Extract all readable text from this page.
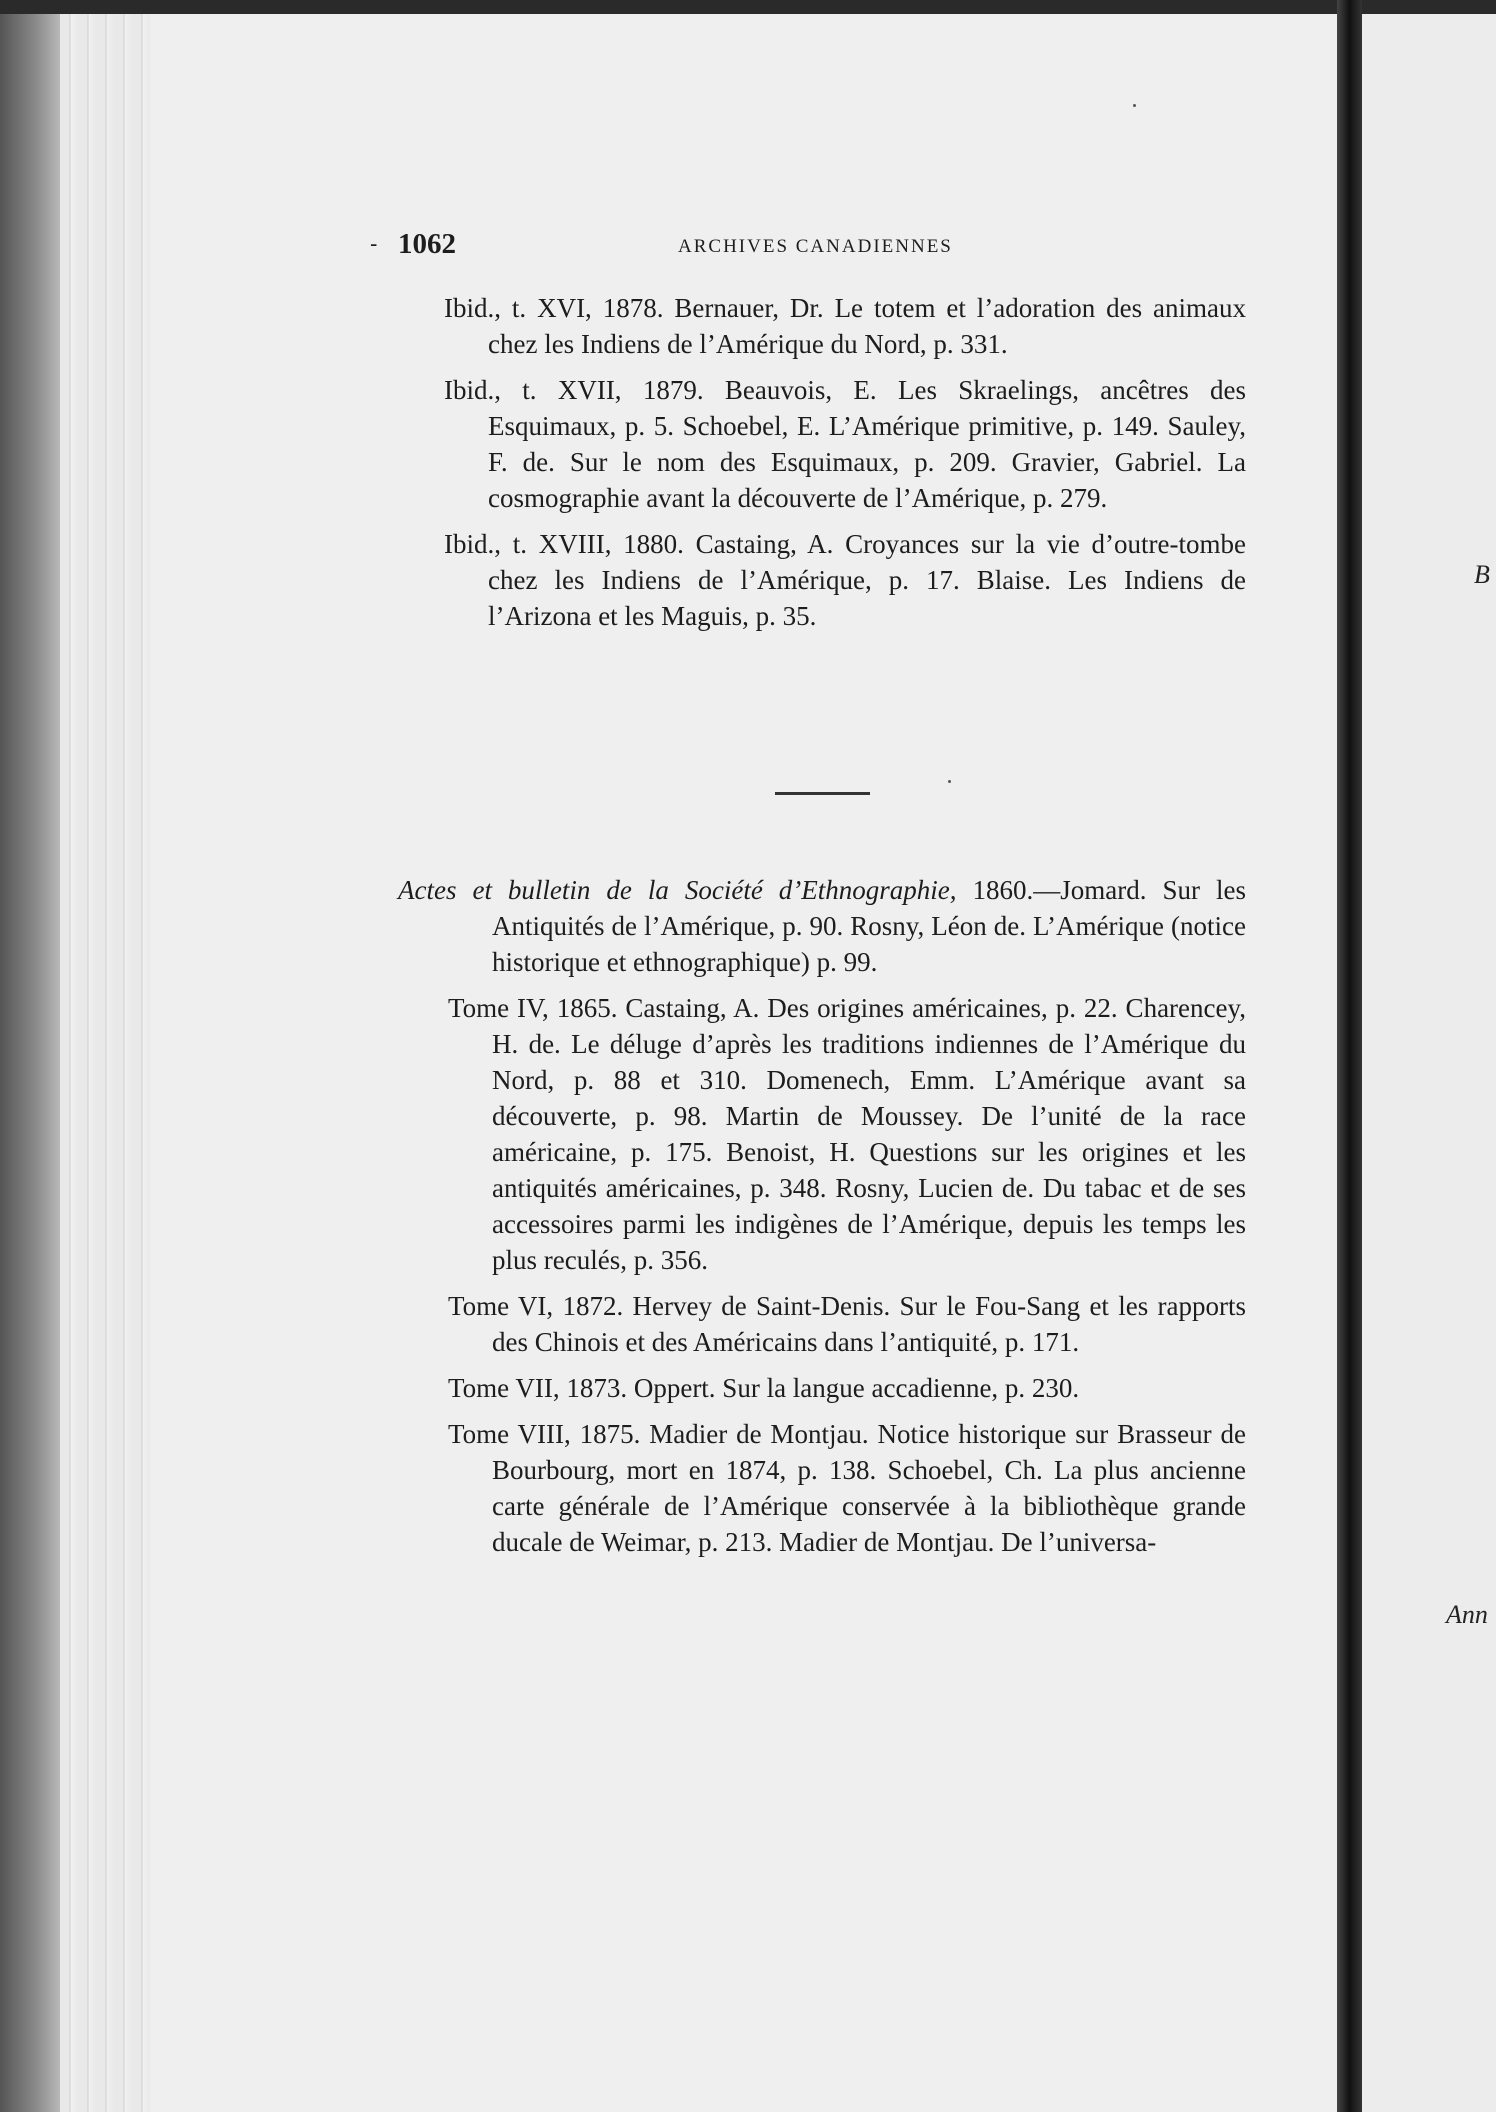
B
Ann
- 1062	ARCHIVES CANADIENNES

Ibid., t. XVI, 1878. Bernauer, Dr. Le totem et l’adoration des animaux chez les Indiens de l’Amérique du Nord, p. 331.

Ibid., t. XVII, 1879. Beauvois, E. Les Skraelings, ancêtres des Esquimaux, p. 5. Schoebel, E. L’Amérique primitive, p. 149. Sauley, F. de. Sur le nom des Esquimaux, p. 209. Gravier, Gabriel. La cosmographie avant la découverte de l’Amérique, p. 279.

Ibid., t. XVIII, 1880. Castaing, A. Croyances sur la vie d’outre-tombe chez les Indiens de l’Amérique, p. 17. Blaise. Les Indiens de l’Arizona et les Maguis, p. 35.

Actes et bulletin de la Société d’Ethnographie, 1860.—Jomard. Sur les Antiquités de l’Amérique, p. 90. Rosny, Léon de. L’Amérique (notice historique et ethnographique) p. 99.

Tome IV, 1865. Castaing, A. Des origines américaines, p. 22. Charencey, H. de. Le déluge d’après les traditions indiennes de l’Amérique du Nord, p. 88 et 310. Domenech, Emm. L’Amérique avant sa découverte, p. 98. Martin de Moussey. De l’unité de la race américaine, p. 175. Benoist, H. Questions sur les origines et les antiquités américaines, p. 348. Rosny, Lucien de. Du tabac et de ses accessoires parmi les indigènes de l’Amérique, depuis les temps les plus reculés, p. 356.

Tome VI, 1872. Hervey de Saint-Denis. Sur le Fou-Sang et les rapports des Chinois et des Américains dans l’antiquité, p. 171.

Tome VII, 1873. Oppert. Sur la langue accadienne, p. 230.

Tome VIII, 1875. Madier de Montjau. Notice historique sur Brasseur de Bourbourg, mort en 1874, p. 138. Schoebel, Ch. La plus ancienne carte générale de l’Amérique conservée à la bibliothèque grande ducale de Weimar, p. 213. Madier de Montjau. De l’universa-
